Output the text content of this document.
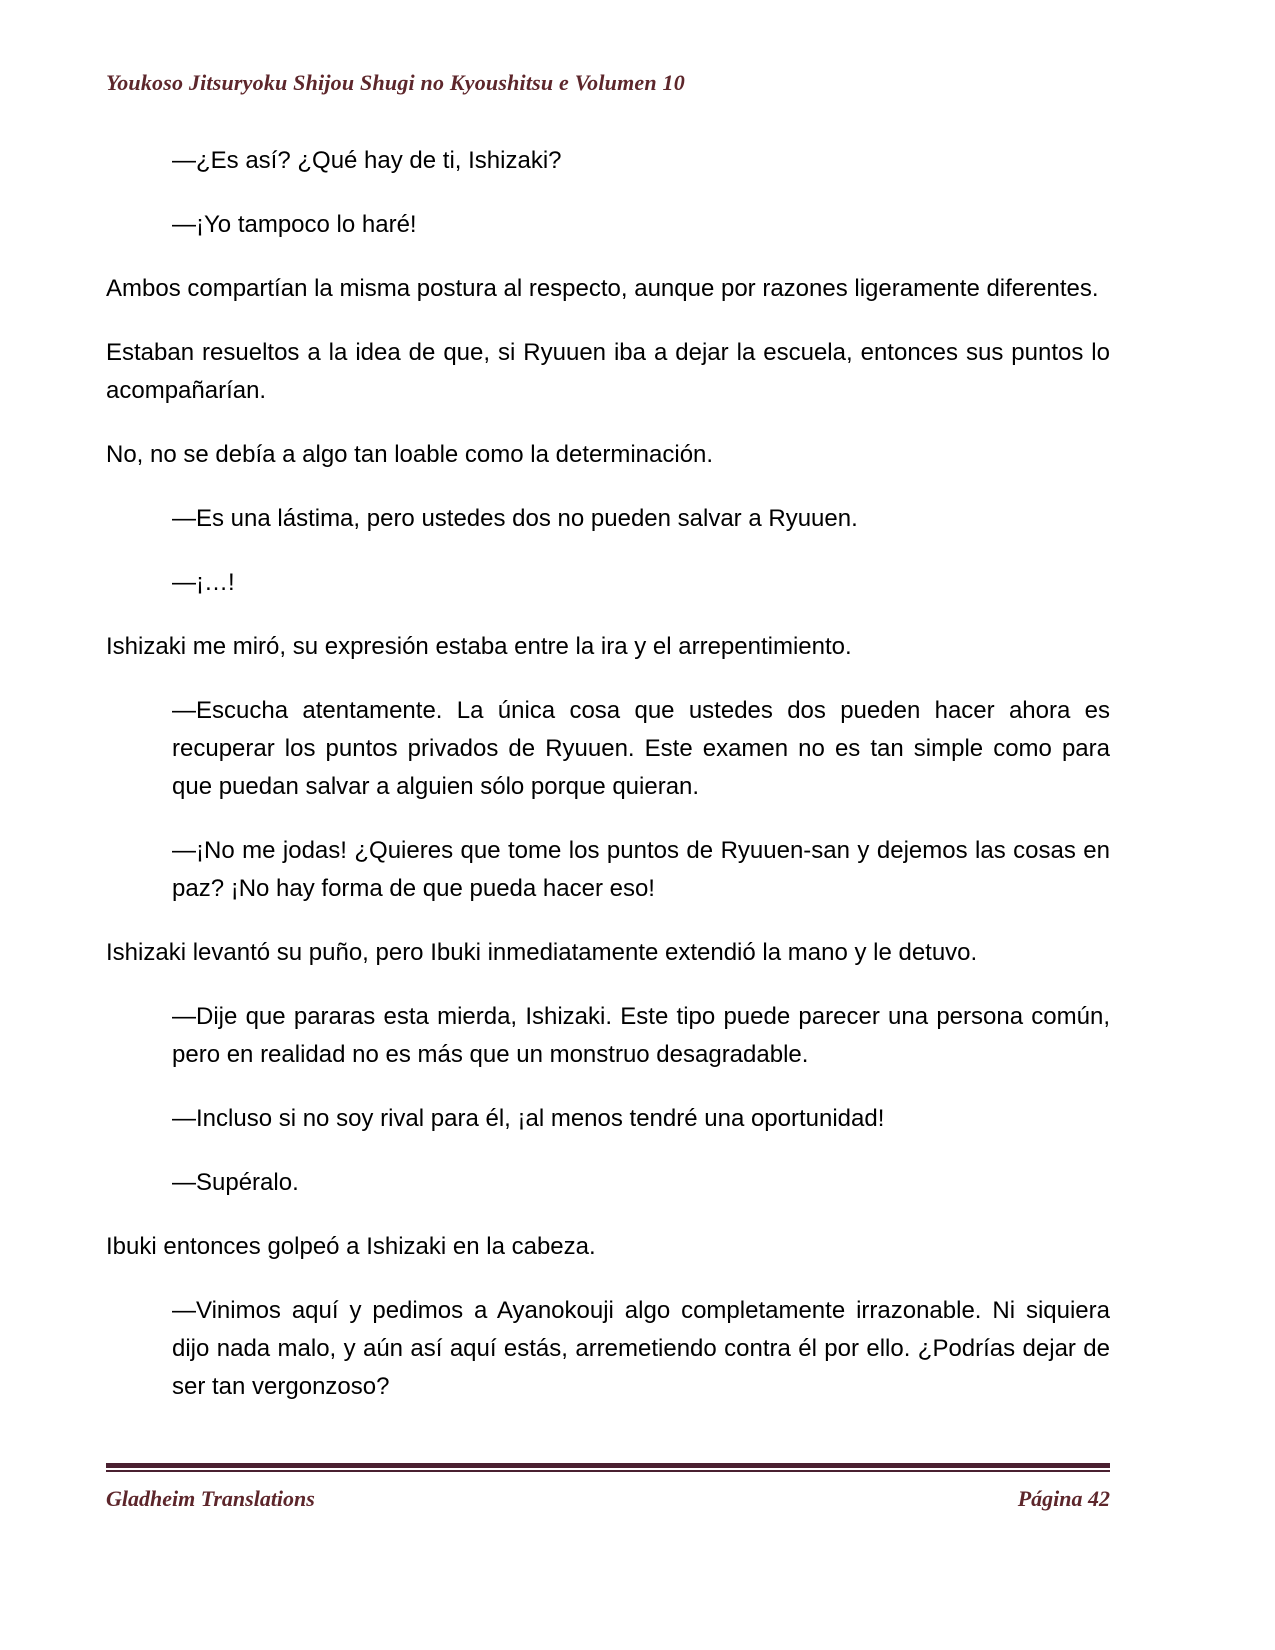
Youkoso Jitsuryoku Shijou Shugi no Kyoushitsu e Volumen 10

—¿Es así? ¿Qué hay de ti, Ishizaki?

—¡Yo tampoco lo haré!

Ambos compartían la misma postura al respecto, aunque por razones ligeramente diferentes.

Estaban resueltos a la idea de que, si Ryuuen iba a dejar la escuela, entonces sus puntos lo acompañarían.

No, no se debía a algo tan loable como la determinación.

—Es una lástima, pero ustedes dos no pueden salvar a Ryuuen.

—¡…!

Ishizaki me miró, su expresión estaba entre la ira y el arrepentimiento.

—Escucha atentamente. La única cosa que ustedes dos pueden hacer ahora es recuperar los puntos privados de Ryuuen. Este examen no es tan simple como para que puedan salvar a alguien sólo porque quieran.

—¡No me jodas! ¿Quieres que tome los puntos de Ryuuen-san y dejemos las cosas en paz? ¡No hay forma de que pueda hacer eso!

Ishizaki levantó su puño, pero Ibuki inmediatamente extendió la mano y le detuvo.

—Dije que pararas esta mierda, Ishizaki. Este tipo puede parecer una persona común, pero en realidad no es más que un monstruo desagradable.

—Incluso si no soy rival para él, ¡al menos tendré una oportunidad!

—Supéralo.

Ibuki entonces golpeó a Ishizaki en la cabeza.

—Vinimos aquí y pedimos a Ayanokouji algo completamente irrazonable. Ni siquiera dijo nada malo, y aún así aquí estás, arremetiendo contra él por ello. ¿Podrías dejar de ser tan vergonzoso?

Gladheim Translations	Página 42
